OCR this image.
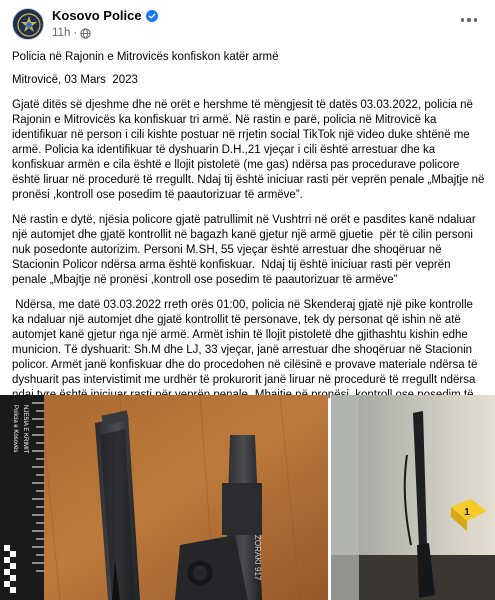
Kosovo Police
11h ·

Policia në Rajonin e Mitrovicës konfiskon katër armë

Mitrovicë, 03 Mars  2023

Gjatë ditës së djeshme dhe në orët e hershme të mëngjesit të datës 03.03.2022, policia në Rajonin e Mitrovicës ka konfiskuar tri armë. Në rastin e parë, policia në Mitrovicë ka identifikuar në person i cili kishte postuar në rrjetin social TikTok një video duke shtënë me armë. Policia ka identifikuar të dyshuarin D.H.,21 vjeçar i cili është arrestuar dhe ka  konfiskuar armën e cila është e llojit pistoletë (me gas) ndërsa pas procedurave policore është liruar në procedurë të rregullt. Ndaj tij është iniciuar rasti për veprën penale „Mbajtje në pronësi ,kontroll ose posedim të paautorizuar të armëve”.

Në rastin e dytë, njësia policore gjatë patrullimit në Vushtrri në orët e pasdites kanë ndaluar një automjet dhe gjatë kontrollit në bagazh kanë gjetur një armë gjuetie  për të cilin personi nuk posedonte autorizim. Personi M.SH, 55 vjeçar është arrestuar dhe shoqëruar në Stacionin Policor ndërsa arma është konfiskuar.  Ndaj tij është iniciuar rasti për veprën penale „Mbajtje në pronësi ,kontroll ose posedim të paautorizuar të armëve”

Ndërsa, me datë 03.03.2022 rreth orës 01:00, policia në Skenderaj gjatë një pike kontrolle ka ndaluar një automjet dhe gjatë kontrollit të personave, tek dy personat që ishin në atë automjet kanë gjetur nga një armë. Armët ishin të llojit pistoletë dhe gjithashtu kishin edhe municion. Të dyshuarit: Sh.M dhe LJ, 33 vjeçar, janë arrestuar dhe shoqëruar në Stacionin policor. Armët janë konfiskuar dhe do procedohen në cilësinë e provave materiale ndërsa të dyshuarit pas intervistimit me urdhër të prokurorit janë liruar në procedurë të rregullt ndërsa

Policia e Kosovës NJESIA E KRIMIT
ZORAKI 917
1
